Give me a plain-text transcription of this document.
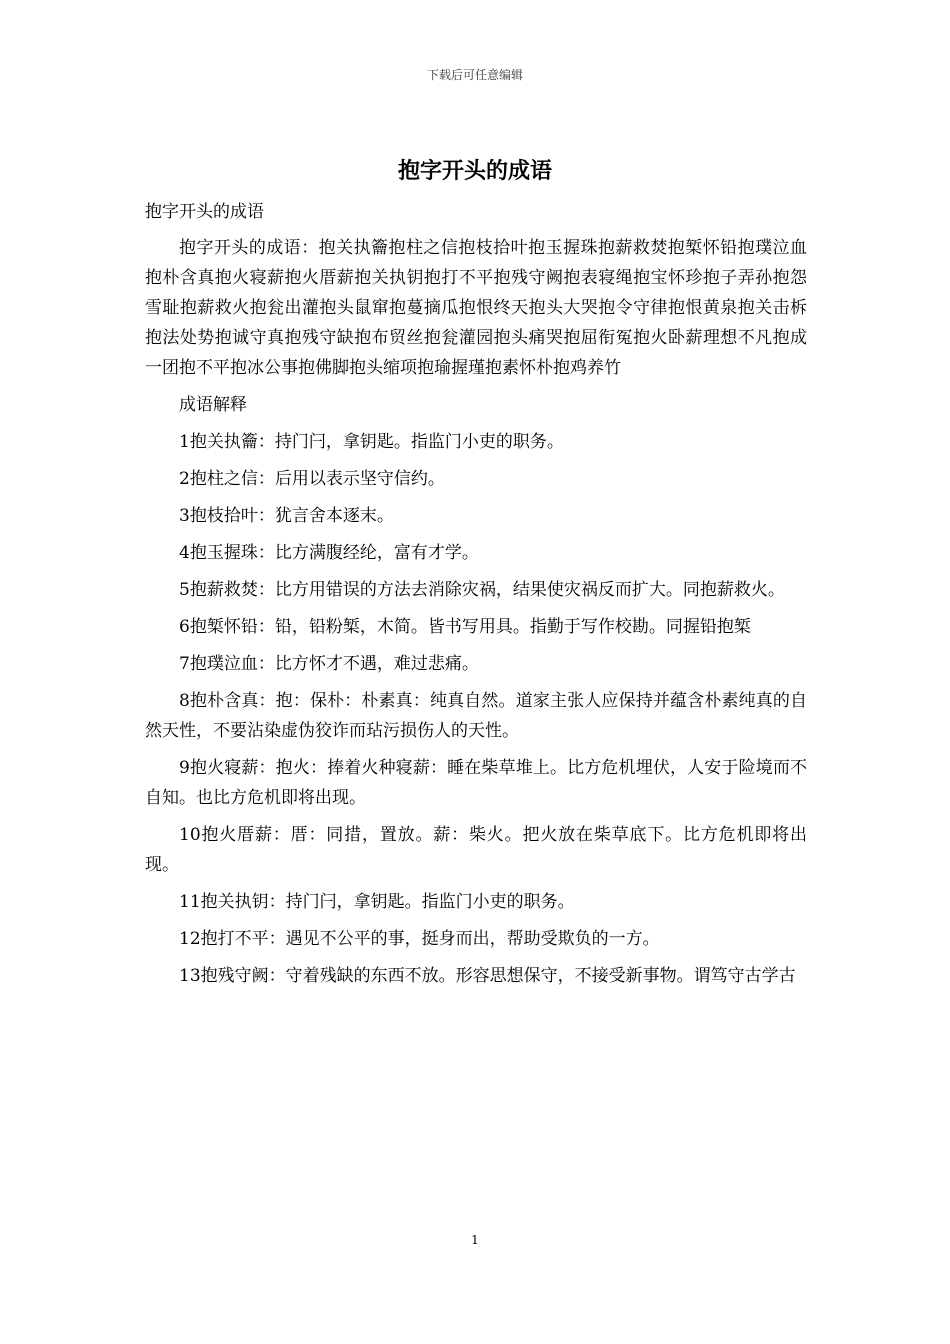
下载后可任意编辑
抱字开头的成语

抱字开头的成语

抱字开头的成语：抱关执籥抱柱之信抱枝拾叶抱玉握珠抱薪救焚抱椠怀铅抱璞泣血抱朴含真抱火寝薪抱火厝薪抱关执钥抱打不平抱残守阙抱表寝绳抱宝怀珍抱子弄孙抱怨雪耻抱薪救火抱瓮出灌抱头鼠窜抱蔓摘瓜抱恨终天抱头大哭抱令守律抱恨黄泉抱关击柝抱法处势抱诚守真抱残守缺抱布贸丝抱瓮灌园抱头痛哭抱屈衔冤抱火卧薪理想不凡抱成一团抱不平抱冰公事抱佛脚抱头缩项抱瑜握瑾抱素怀朴抱鸡养竹

成语解释

1抱关执籥：持门闩，拿钥匙。指监门小吏的职务。

2抱柱之信：后用以表示坚守信约。

3抱枝拾叶：犹言舍本逐末。

4抱玉握珠：比方满腹经纶，富有才学。

5抱薪救焚：比方用错误的方法去消除灾祸，结果使灾祸反而扩大。同抱薪救火。

6抱椠怀铅：铅，铅粉椠，木简。皆书写用具。指勤于写作校勘。同握铅抱椠

7抱璞泣血：比方怀才不遇，难过悲痛。

8抱朴含真：抱：保朴：朴素真：纯真自然。道家主张人应保持并蕴含朴素纯真的自然天性，不要沾染虚伪狡诈而玷污损伤人的天性。

9抱火寝薪：抱火：捧着火种寝薪：睡在柴草堆上。比方危机埋伏，人安于险境而不自知。也比方危机即将出现。

10抱火厝薪：厝：同措，置放。薪：柴火。把火放在柴草底下。比方危机即将出现。

11抱关执钥：持门闩，拿钥匙。指监门小吏的职务。

12抱打不平：遇见不公平的事，挺身而出，帮助受欺负的一方。

13抱残守阙：守着残缺的东西不放。形容思想保守，不接受新事物。谓笃守古学古

1
